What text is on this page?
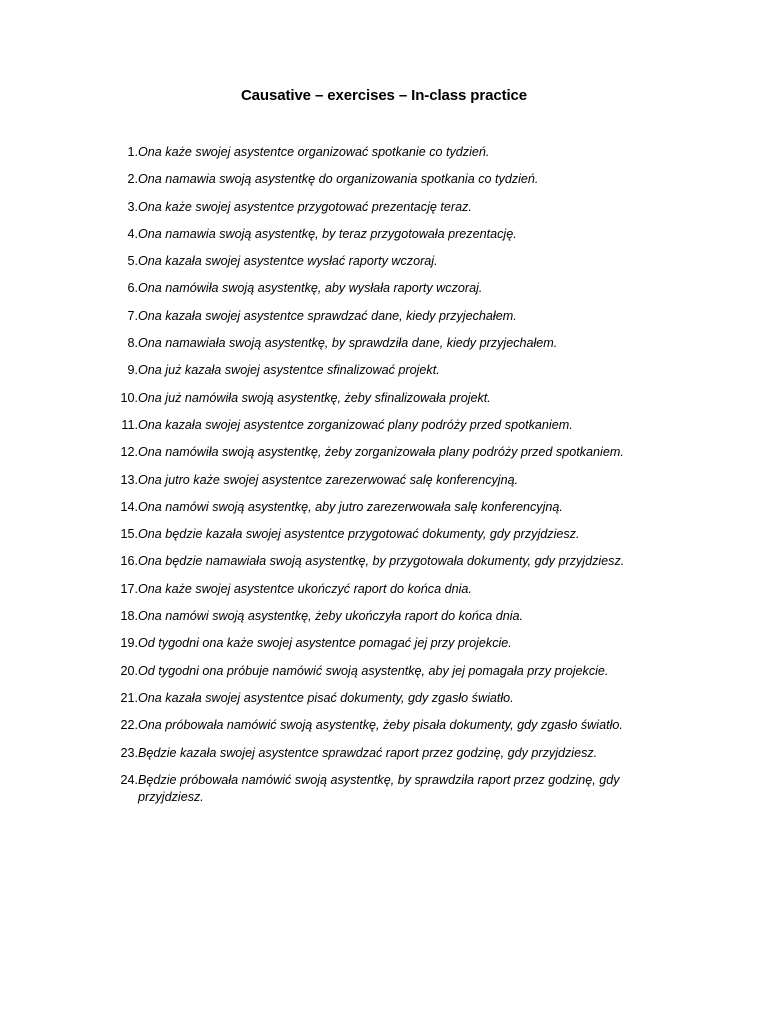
Causative – exercises – In-class practice
1. Ona każe swojej asystentce organizować spotkanie co tydzień.
2. Ona namawia swoją asystentkę do organizowania spotkania co tydzień.
3. Ona każe swojej asystentce przygotować prezentację teraz.
4. Ona namawia swoją asystentkę, by teraz przygotowała prezentację.
5. Ona kazała swojej asystentce wysłać raporty wczoraj.
6. Ona namówiła swoją asystentkę, aby wysłała raporty wczoraj.
7. Ona kazała swojej asystentce sprawdzać dane, kiedy przyjechałem.
8. Ona namawiała swoją asystentkę, by sprawdziła dane, kiedy przyjechałem.
9. Ona już kazała swojej asystentce sfinalizować projekt.
10. Ona już namówiła swoją asystentkę, żeby sfinalizowała projekt.
11. Ona kazała swojej asystentce zorganizować plany podróży przed spotkaniem.
12. Ona namówiła swoją asystentkę, żeby zorganizowała plany podróży przed spotkaniem.
13. Ona jutro każe swojej asystentce zarezerwować salę konferencyjną.
14. Ona namówi swoją asystentkę, aby jutro zarezerwowała salę konferencyjną.
15. Ona będzie kazała swojej asystentce przygotować dokumenty, gdy przyjdziesz.
16. Ona będzie namawiała swoją asystentkę, by przygotowała dokumenty, gdy przyjdziesz.
17. Ona każe swojej asystentce ukończyć raport do końca dnia.
18. Ona namówi swoją asystentkę, żeby ukończyła raport do końca dnia.
19. Od tygodni ona każe swojej asystentce pomagać jej przy projekcie.
20. Od tygodni ona próbuje namówić swoją asystentkę, aby jej pomagała przy projekcie.
21. Ona kazała swojej asystentce pisać dokumenty, gdy zgasło światło.
22. Ona próbowała namówić swoją asystentkę, żeby pisała dokumenty, gdy zgasło światło.
23. Będzie kazała swojej asystentce sprawdzać raport przez godzinę, gdy przyjdziesz.
24. Będzie próbowała namówić swoją asystentkę, by sprawdziła raport przez godzinę, gdy przyjdziesz.
